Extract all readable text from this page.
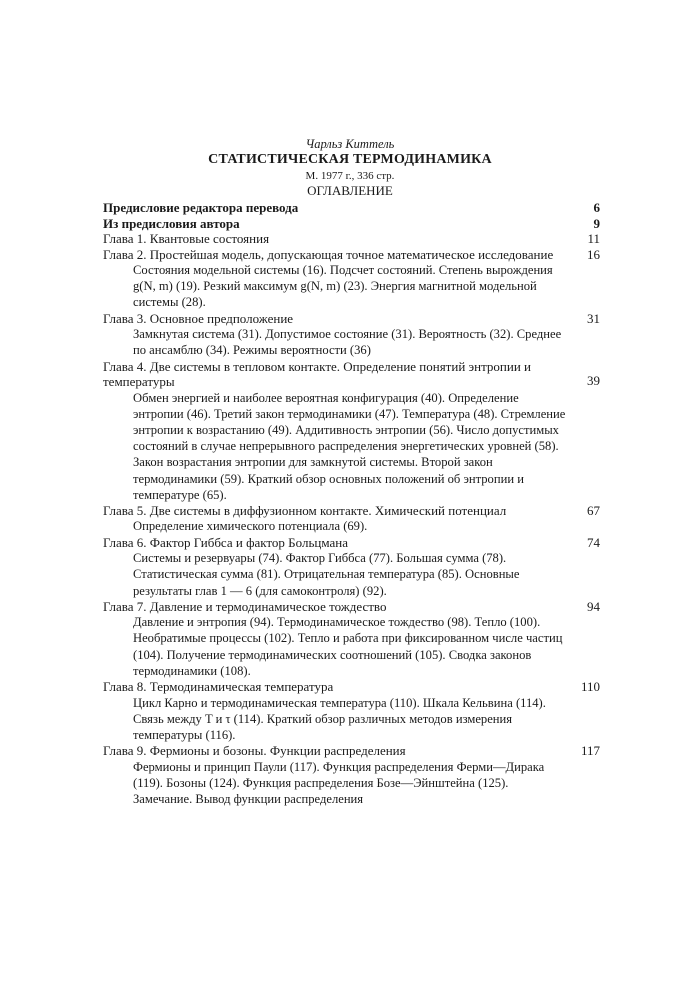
Чарльз Киттель
СТАТИСТИЧЕСКАЯ ТЕРМОДИНАМИКА
М. 1977 г., 336 стр.
ОГЛАВЛЕНИЕ
Предисловие редактора перевода	6
Из предисловия автора	9
Глава 1. Квантовые состояния	11
Глава 2. Простейшая модель, допускающая точное математическое исследование	16
Состояния модельной системы (16). Подсчет состояний. Степень вырождения g(N, m) (19). Резкий максимум g(N, m) (23). Энергия магнитной модельной системы (28).
Глава 3. Основное предположение	31
Замкнутая система (31). Допустимое состояние (31). Вероятность (32). Среднее по ансамблю (34). Режимы вероятности (36)
Глава 4. Две системы в тепловом контакте. Определение понятий энтропии и температуры	39
Обмен энергией и наиболее вероятная конфигурация (40). Определение энтропии (46). Третий закон термодинамики (47). Температура (48). Стремление энтропии к возрастанию (49). Аддитивность энтропии (56). Число допустимых состояний в случае непрерывного распределения энергетических уровней (58). Закон возрастания энтропии для замкнутой системы. Второй закон термодинамики (59). Краткий обзор основных положений об энтропии и температуре (65).
Глава 5. Две системы в диффузионном контакте. Химический потенциал	67
Определение химического потенциала (69).
Глава 6. Фактор Гиббса и фактор Больцмана	74
Системы и резервуары (74). Фактор Гиббса (77). Большая сумма (78). Статистическая сумма (81). Отрицательная температура (85). Основные результаты глав 1 — 6 (для самоконтроля) (92).
Глава 7. Давление и термодинамическое тождество	94
Давление и энтропия (94). Термодинамическое тождество (98). Тепло (100). Необратимые процессы (102). Тепло и работа при фиксированном числе частиц (104). Получение термодинамических соотношений (105). Сводка законов термодинамики (108).
Глава 8. Термодинамическая температура	110
Цикл Карно и термодинамическая температура (110). Шкала Кельвина (114). Связь между T и τ (114). Краткий обзор различных методов измерения температуры (116).
Глава 9. Фермионы и бозоны. Функции распределения	117
Фермионы и принцип Паули (117). Функция распределения Ферми—Дирака (119). Бозоны (124). Функция распределения Бозе—Эйнштейна (125). Замечание. Вывод функции распределения
